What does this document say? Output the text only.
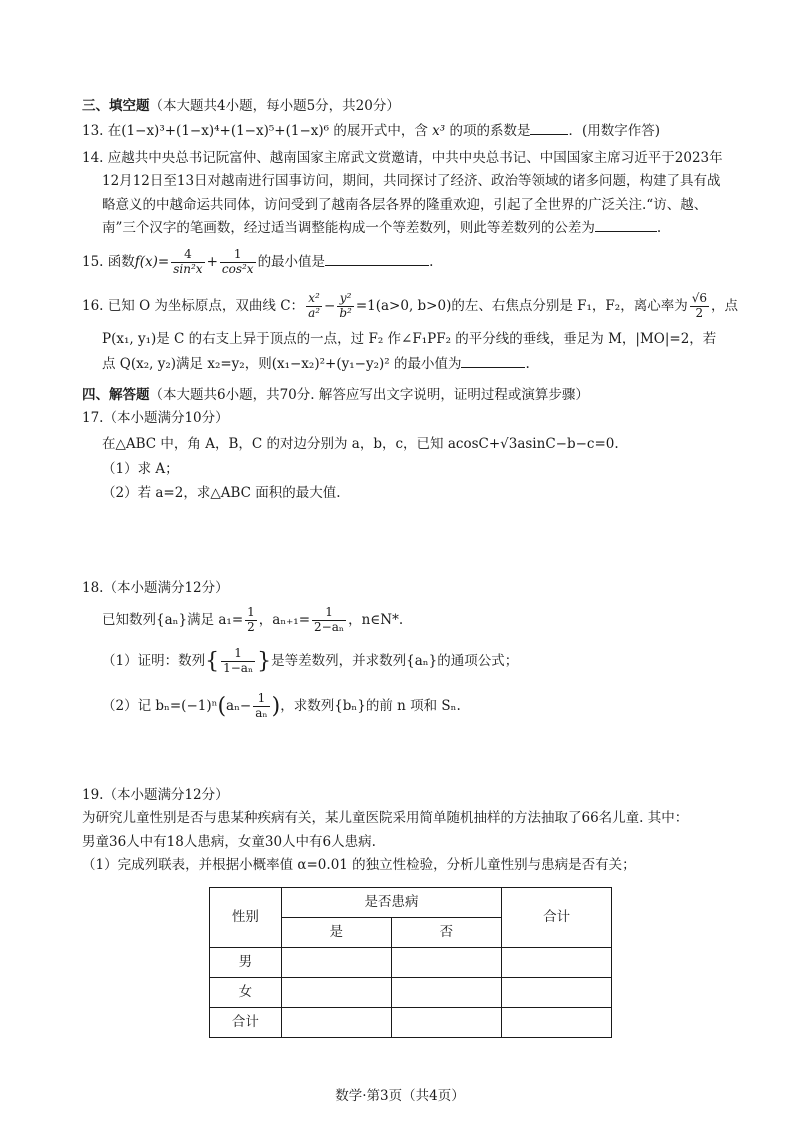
三、填空题（本大题共4小题，每小题5分，共20分）
13. 在(1−x)³+(1−x)⁴+(1−x)⁵+(1−x)⁶ 的展开式中，含 x³ 的项的系数是	．(用数字作答)
14. 应越共中央总书记阮富仲、越南国家主席武文赏邀请，中共中央总书记、中国国家主席习近平于2023年
12月12日至13日对越南进行国事访问，期间，共同探讨了经济、政治等领域的诸多问题，构建了具有战
略意义的中越命运共同体，访问受到了越南各层各界的隆重欢迎，引起了全世界的广泛关注.“访、越、
南”三个汉字的笔画数，经过适当调整能构成一个等差数列，则此等差数列的公差为	.
15. 函数$f(x)= \frac{4}{\text{sin²x}} + \frac{1}{\text{cos²x}}$ 的最小值是	.
16. 已知 O 为坐标原点，双曲线 C： $\frac{\text{x²}}{\text{a²}} - \frac{\text{y²}}{\text{b²}} =1(a>0$, b>0)的左、右焦点分别是 F₁，F₂，离心率为 $\frac{√6}{2}$ ，点
P(x₁, y₁)是 C 的右支上异于顶点的一点，过 F₂ 作∠F₁PF₂ 的平分线的垂线，垂足为 M，|MO|=2，若
点 Q(x₂, y₂)满足 x₂=y₂，则(x₁−x₂)²+(y₁−y₂)² 的最小值为	.
四、解答题（本大题共6小题，共70分. 解答应写出文字说明，证明过程或演算步骤）
17.（本小题满分10分）
在△ABC 中，角 A，B，C 的对边分别为 a，b，c，已知 acosC+√3asinC−b−c=0.
（1）求 A；
（2）若 a=2，求△ABC 面积的最大值.
18.（本小题满分12分）
已知数列{aₙ}满足 $a_1= \frac{1}{2}$ ，$a_{n+1}= \frac{1}{\text{2−aₙ}}$ ，n∈N*.
（1）证明：数列{ $\frac{1}{\text{1−aₙ}}$ }是等差数列，并求数列{aₙ}的通项公式；
（2）记 $b_n=(-1)^n(a_n- \frac{1}{\text{aₙ}}$ )，求数列{bₙ}的前 n 项和 Sₙ.
19.（本小题满分12分）
为研究儿童性别是否与患某种疾病有关，某儿童医院采用简单随机抽样的方法抽取了66名儿童. 其中：
男童36人中有18人患病，女童30人中有6人患病.
（1）完成列联表，并根据小概率值 α=0.01 的独立性检验，分析儿童性别与患病是否有关；
性别	是否患病		合计
	是	否	
男			
女			
合计			
数学·第3页（共4页）
